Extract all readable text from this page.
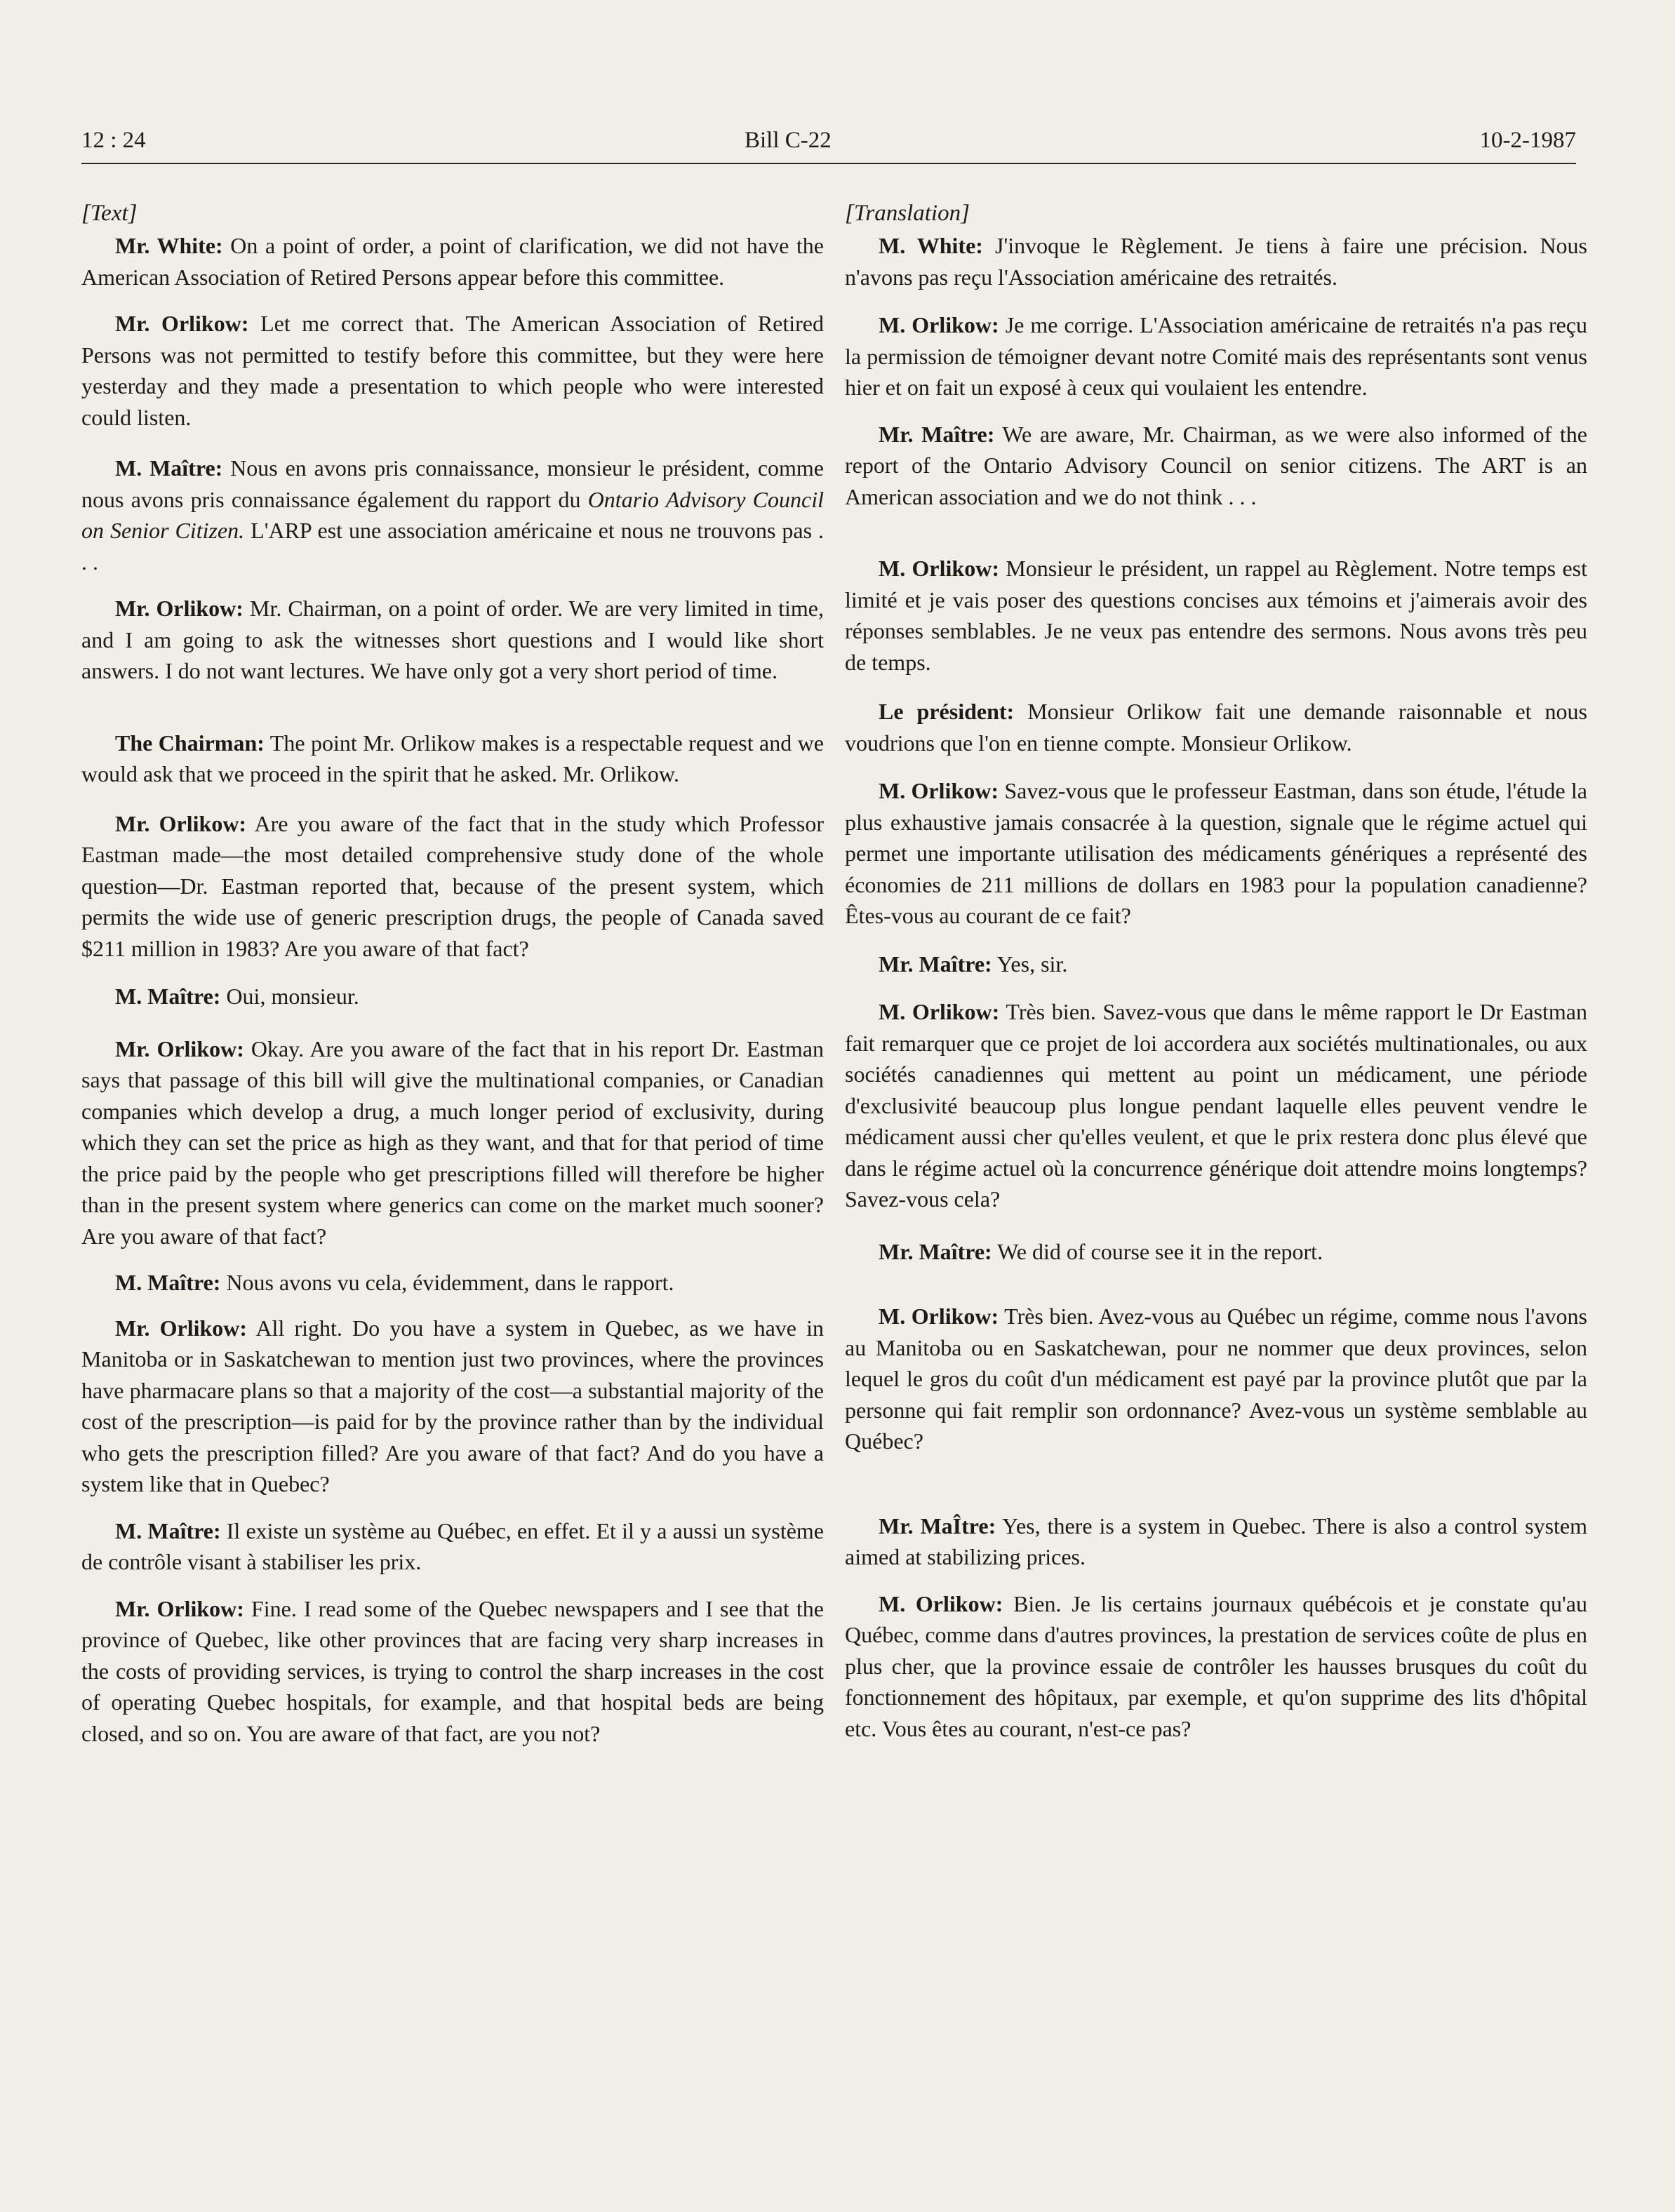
12 : 24	Bill C-22	10-2-1987
[Text]

Mr. White: On a point of order, a point of clarification, we did not have the American Association of Retired Persons appear before this committee.

Mr. Orlikow: Let me correct that. The American Association of Retired Persons was not permitted to testify before this committee, but they were here yesterday and they made a presentation to which people who were interested could listen.

M. Maître: Nous en avons pris connaissance, monsieur le président, comme nous avons pris connaissance également du rapport du Ontario Advisory Council on Senior Citizen. L'ARP est une association américaine et nous ne trouvons pas . . .

Mr. Orlikow: Mr. Chairman, on a point of order. We are very limited in time, and I am going to ask the witnesses short questions and I would like short answers. I do not want lectures. We have only got a very short period of time.

The Chairman: The point Mr. Orlikow makes is a respectable request and we would ask that we proceed in the spirit that he asked. Mr. Orlikow.

Mr. Orlikow: Are you aware of the fact that in the study which Professor Eastman made—the most detailed comprehensive study done of the whole question—Dr. Eastman reported that, because of the present system, which permits the wide use of generic prescription drugs, the people of Canada saved $211 million in 1983? Are you aware of that fact?

M. Maître: Oui, monsieur.

Mr. Orlikow: Okay. Are you aware of the fact that in his report Dr. Eastman says that passage of this bill will give the multinational companies, or Canadian companies which develop a drug, a much longer period of exclusivity, during which they can set the price as high as they want, and that for that period of time the price paid by the people who get prescriptions filled will therefore be higher than in the present system where generics can come on the market much sooner? Are you aware of that fact?

M. Maître: Nous avons vu cela, évidemment, dans le rapport.

Mr. Orlikow: All right. Do you have a system in Quebec, as we have in Manitoba or in Saskatchewan to mention just two provinces, where the provinces have pharmacare plans so that a majority of the cost—a substantial majority of the cost of the prescription—is paid for by the province rather than by the individual who gets the prescription filled? Are you aware of that fact? And do you have a system like that in Quebec?

M. Maître: Il existe un système au Québec, en effet. Et il y a aussi un système de contrôle visant à stabiliser les prix.

Mr. Orlikow: Fine. I read some of the Quebec newspapers and I see that the province of Quebec, like other provinces that are facing very sharp increases in the costs of providing services, is trying to control the sharp increases in the cost of operating Quebec hospitals, for example, and that hospital beds are being closed, and so on. You are aware of that fact, are you not?

[Translation]

M. White: J'invoque le Règlement. Je tiens à faire une précision. Nous n'avons pas reçu l'Association américaine des retraités.

M. Orlikow: Je me corrige. L'Association américaine de retraités n'a pas reçu la permission de témoigner devant notre Comité mais des représentants sont venus hier et on fait un exposé à ceux qui voulaient les entendre.

Mr. Maître: We are aware, Mr. Chairman, as we were also informed of the report of the Ontario Advisory Council on senior citizens. The ART is an American association and we do not think . . .

M. Orlikow: Monsieur le président, un rappel au Règlement. Notre temps est limité et je vais poser des questions concises aux témoins et j'aimerais avoir des réponses semblables. Je ne veux pas entendre des sermons. Nous avons très peu de temps.

Le président: Monsieur Orlikow fait une demande raisonnable et nous voudrions que l'on en tienne compte. Monsieur Orlikow.

M. Orlikow: Savez-vous que le professeur Eastman, dans son étude, l'étude la plus exhaustive jamais consacrée à la question, signale que le régime actuel qui permet une importante utilisation des médicaments génériques a représenté des économies de 211 millions de dollars en 1983 pour la population canadienne? Êtes-vous au courant de ce fait?

Mr. Maître: Yes, sir.

M. Orlikow: Très bien. Savez-vous que dans le même rapport le Dr Eastman fait remarquer que ce projet de loi accordera aux sociétés multinationales, ou aux sociétés canadiennes qui mettent au point un médicament, une période d'exclusivité beaucoup plus longue pendant laquelle elles peuvent vendre le médicament aussi cher qu'elles veulent, et que le prix restera donc plus élevé que dans le régime actuel où la concurrence générique doit attendre moins longtemps? Savez-vous cela?

Mr. Maître: We did of course see it in the report.

M. Orlikow: Très bien. Avez-vous au Québec un régime, comme nous l'avons au Manitoba ou en Saskatchewan, pour ne nommer que deux provinces, selon lequel le gros du coût d'un médicament est payé par la province plutôt que par la personne qui fait remplir son ordonnance? Avez-vous un système semblable au Québec?

Mr. MaÎtre: Yes, there is a system in Quebec. There is also a control system aimed at stabilizing prices.

M. Orlikow: Bien. Je lis certains journaux québécois et je constate qu'au Québec, comme dans d'autres provinces, la prestation de services coûte de plus en plus cher, que la province essaie de contrôler les hausses brusques du coût du fonctionnement des hôpitaux, par exemple, et qu'on supprime des lits d'hôpital etc. Vous êtes au courant, n'est-ce pas?
